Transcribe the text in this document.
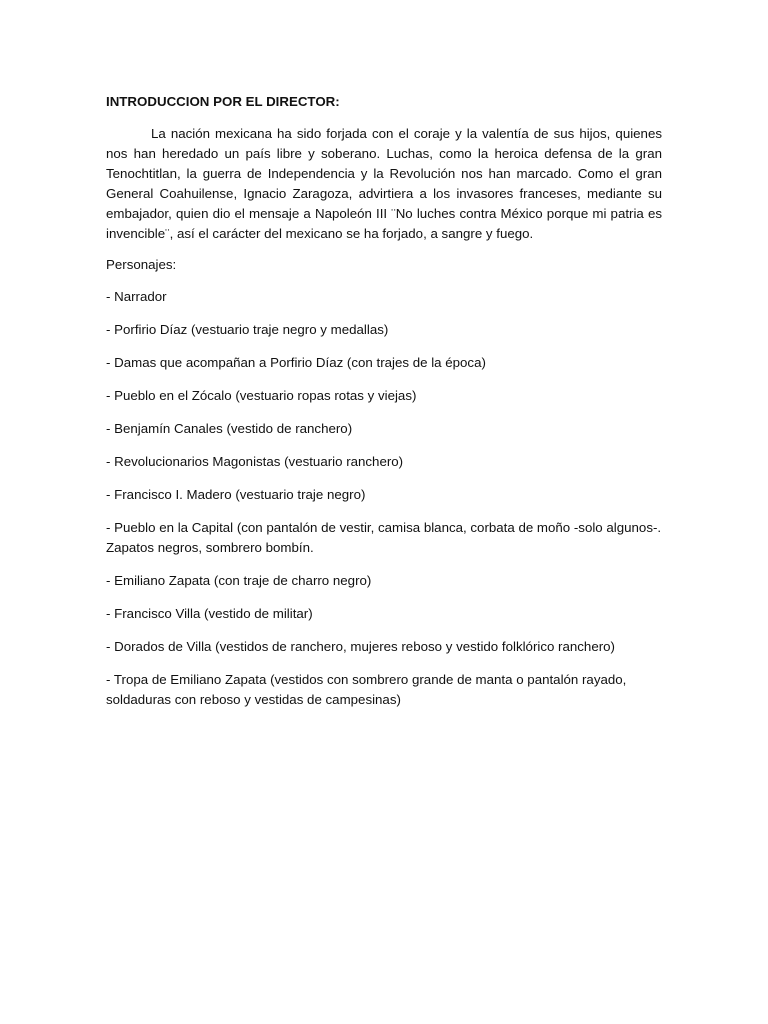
INTRODUCCION POR EL DIRECTOR:

La nación mexicana ha sido forjada con el coraje y la valentía de sus hijos, quienes nos han heredado un país libre y soberano. Luchas, como la heroica defensa de la gran Tenochtitlan, la guerra de Independencia y la Revolución nos han marcado. Como el gran General Coahuilense, Ignacio Zaragoza, advirtiera a los invasores franceses, mediante su embajador, quien dio el mensaje a Napoleón III ¨No luches contra México porque mi patria es invencible¨, así el carácter del mexicano se ha forjado, a sangre y fuego.

Personajes:

- Narrador
- Porfirio Díaz (vestuario traje negro y medallas)
- Damas que acompañan a Porfirio Díaz (con trajes de la época)
- Pueblo en el Zócalo (vestuario ropas rotas y viejas)
- Benjamín Canales (vestido de ranchero)
- Revolucionarios Magonistas (vestuario ranchero)
- Francisco I. Madero (vestuario traje negro)
- Pueblo en la Capital (con pantalón de vestir, camisa blanca, corbata de moño -solo algunos-. Zapatos negros, sombrero bombín.
- Emiliano Zapata (con traje de charro negro)
- Francisco Villa (vestido de militar)
- Dorados de Villa (vestidos de ranchero, mujeres reboso y vestido folklórico ranchero)
- Tropa de Emiliano Zapata (vestidos con sombrero grande de manta o pantalón rayado, soldaduras con reboso y vestidas de campesinas)
